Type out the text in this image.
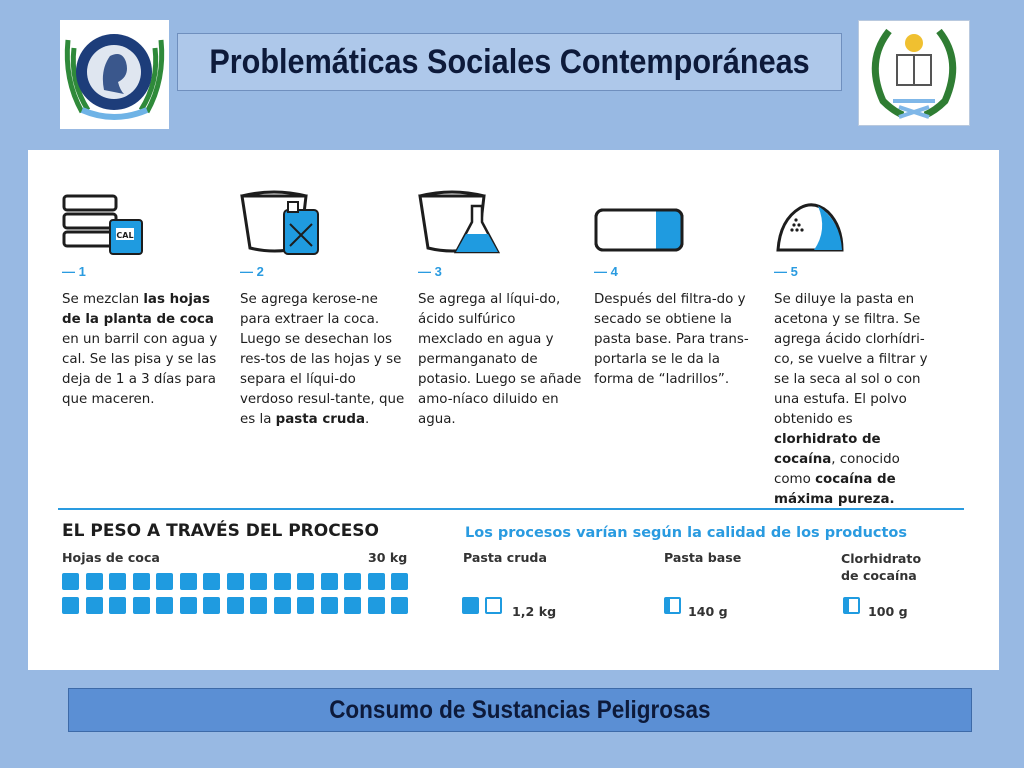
Problemáticas Sociales Contemporáneas
CAL
— 1
Se mezclan las hojas de la planta de coca en un barril con agua y cal. Se las pisa y se las deja de 1 a 3 días para que maceren.
— 2
Se agrega kerose-ne para extraer la coca. Luego se desechan los res-tos de las hojas y se separa el líqui-do verdoso resul-tante, que es la pasta cruda.
— 3
Se agrega al líqui-do, ácido sulfúrico mexclado en agua y permanganato de potasio. Luego se añade amo-níaco diluido en agua.
— 4
Después del filtra-do y secado se obtiene la pasta base. Para trans-portarla se le da la forma de “ladrillos”.
— 5
Se diluye la pasta en acetona y se filtra. Se agrega ácido clorhídri-co, se vuelve a filtrar y se la seca al sol o con una estufa. El polvo obtenido es clorhidrato de cocaína, conocido como cocaína de máxima pureza.
EL PESO A TRAVÉS DEL PROCESO
Hojas de coca	30 kg
Los procesos varían según la calidad de los productos
Pasta cruda	Pasta base	Clorhidrato de cocaína
1,2 kg	140 g	100 g
Consumo de Sustancias Peligrosas
